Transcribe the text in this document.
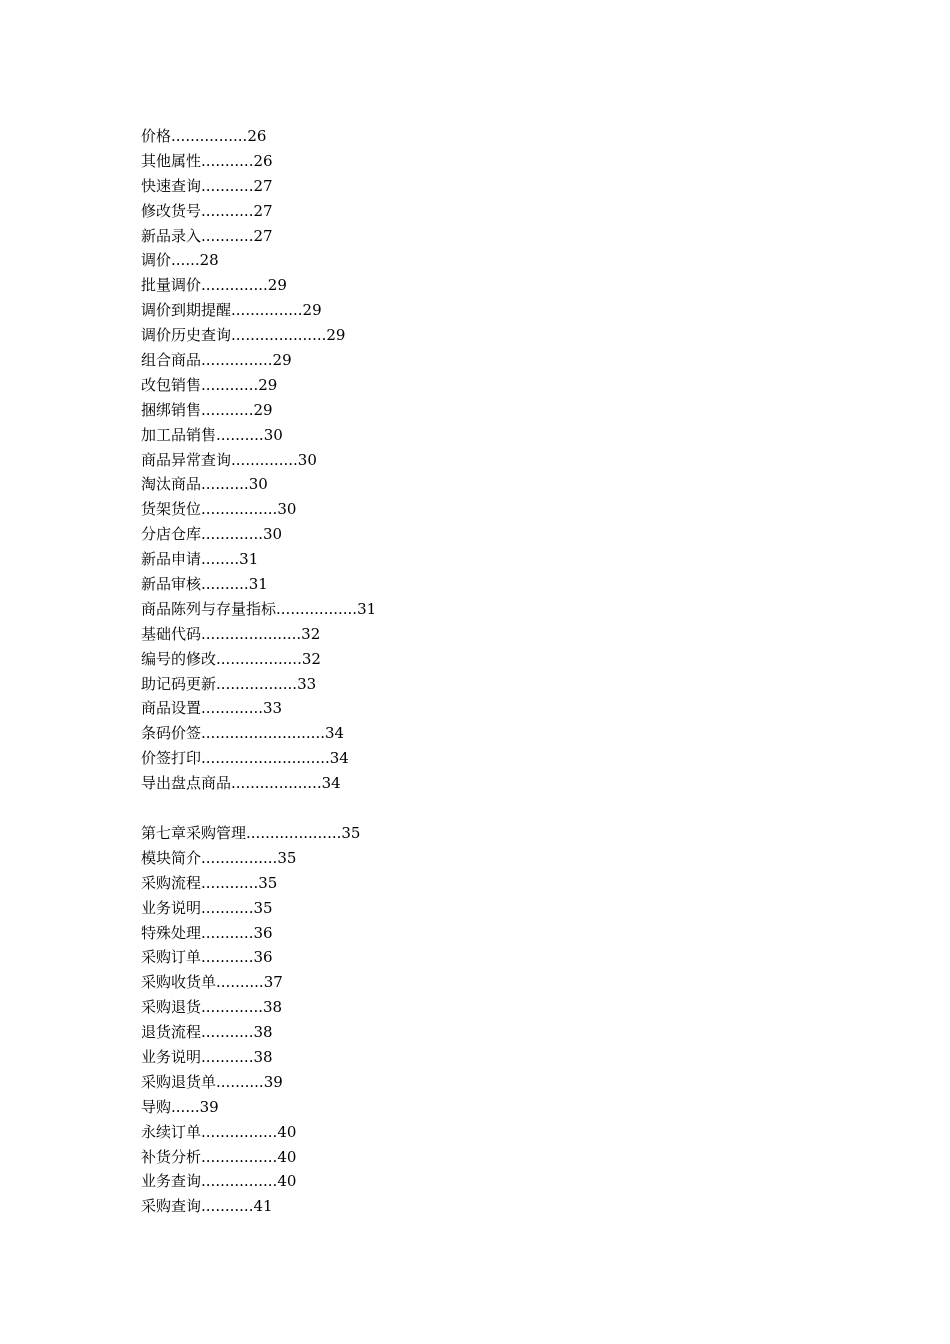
价格................26
其他属性...........26
快速查询...........27
修改货号...........27
新品录入...........27
调价......28
批量调价..............29
调价到期提醒...............29
调价历史查询....................29
组合商品...............29
改包销售............29
捆绑销售...........29
加工品销售..........30
商品异常查询..............30
淘汰商品..........30
货架货位................30
分店仓库.............30
新品申请........31
新品审核..........31
商品陈列与存量指标.................31
基础代码.....................32
编号的修改..................32
助记码更新.................33
商品设置.............33
条码价签..........................34
价签打印...........................34
导出盘点商品...................34
第七章采购管理....................35
模块简介................35
采购流程............35
业务说明...........35
特殊处理...........36
采购订单...........36
采购收货单..........37
采购退货.............38
退货流程...........38
业务说明...........38
采购退货单..........39
导购......39
永续订单................40
补货分析................40
业务查询................40
采购查询...........41
